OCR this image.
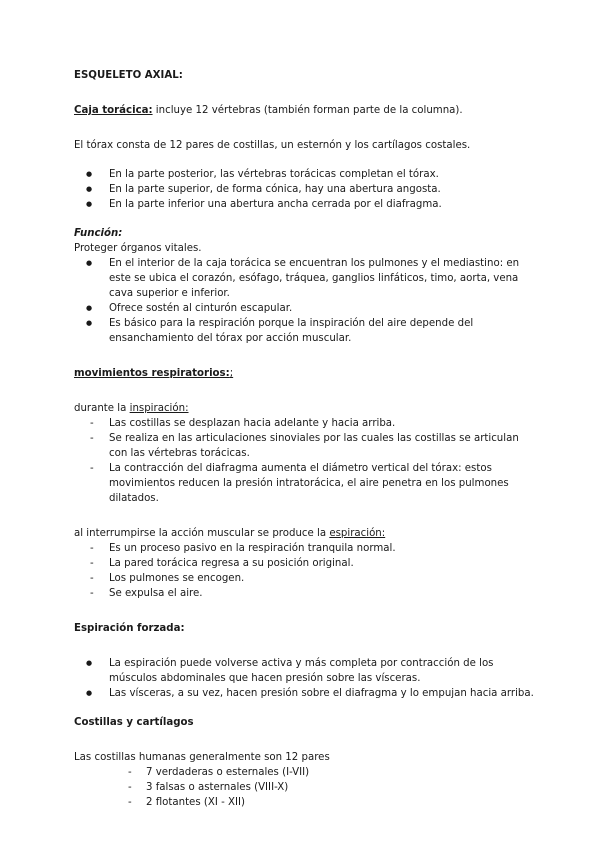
ESQUELETO AXIAL:

Caja torácica: incluye 12 vértebras (también forman parte de la columna).

El tórax consta de 12 pares de costillas, un esternón y los cartílagos costales.

● En la parte posterior, las vértebras torácicas completan el tórax.
● En la parte superior, de forma cónica, hay una abertura angosta.
● En la parte inferior una abertura ancha cerrada por el diafragma.

Función:

Proteger órganos vitales.

● En el interior de la caja torácica se encuentran los pulmones y el mediastino: en este se ubica el corazón, esófago, tráquea, ganglios linfáticos, timo, aorta, vena cava superior e inferior.
● Ofrece sostén al cinturón escapular.
● Es básico para la respiración porque la inspiración del aire depende del ensanchamiento del tórax por acción muscular.

movimientos respiratorios:;

durante la inspiración:

- Las costillas se desplazan hacia adelante y hacia arriba.
- Se realiza en las articulaciones sinoviales por las cuales las costillas se articulan con las vértebras torácicas.
- La contracción del diafragma aumenta el diámetro vertical del tórax: estos movimientos reducen la presión intratorácica, el aire penetra en los pulmones dilatados.

al interrumpirse la acción muscular se produce la espiración:

- Es un proceso pasivo en la respiración tranquila normal.
- La pared torácica regresa a su posición original.
- Los pulmones se encogen.
- Se expulsa el aire.

Espiración forzada:

● La espiración puede volverse activa y más completa por contracción de los músculos abdominales que hacen presión sobre las vísceras.
● Las vísceras, a su vez, hacen presión sobre el diafragma y lo empujan hacia arriba.

Costillas y cartílagos

Las costillas humanas generalmente son 12 pares

- 7 verdaderas o esternales (I-VII)
- 3 falsas o asternales (VIII-X)
- 2 flotantes (XI - XII)
